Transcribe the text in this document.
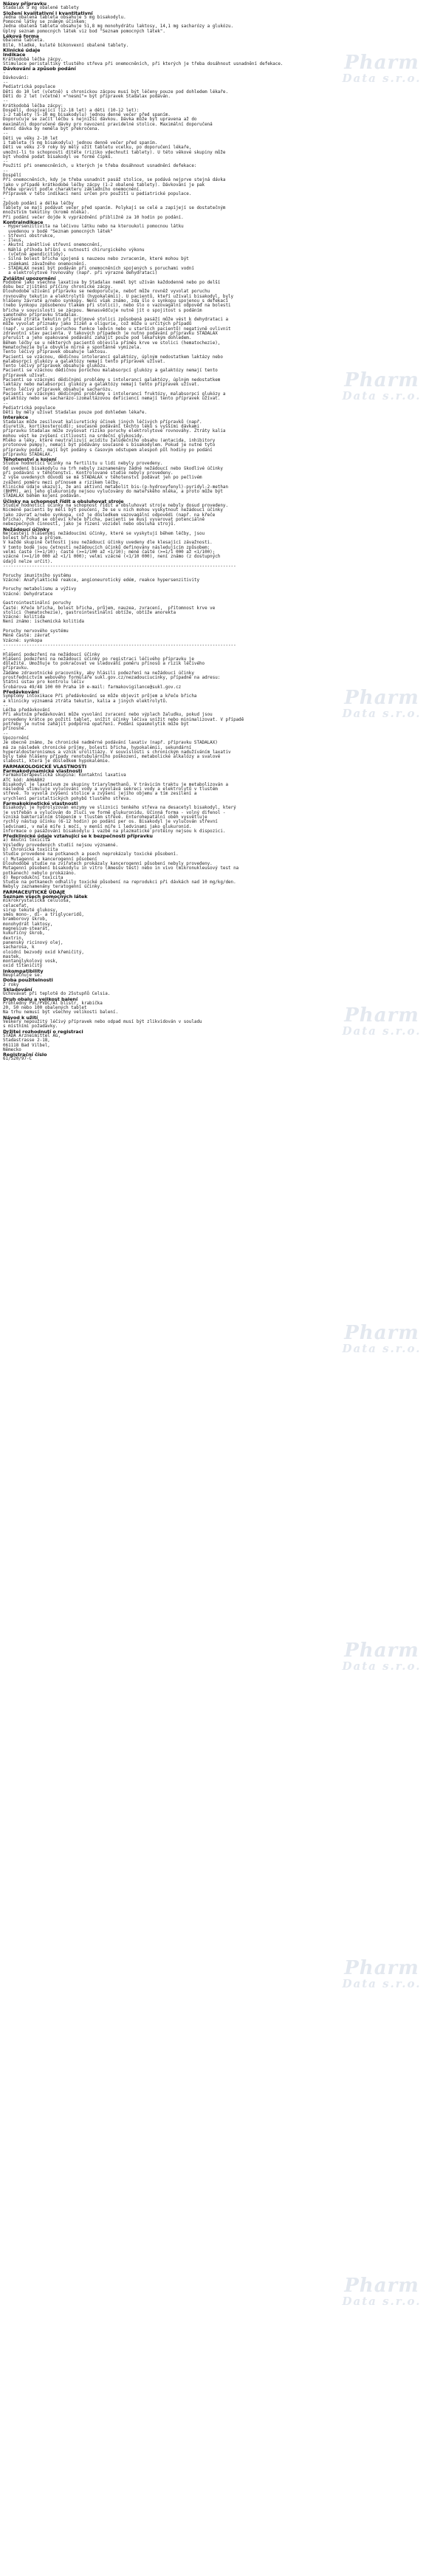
Pharm
Data s.r.o.
Pharm
Data s.r.o.
Pharm
Data s.r.o.
Pharm
Data s.r.o.
Pharm
Data s.r.o.
Pharm
Data s.r.o.
Pharm
Data s.r.o.
Pharm
Data s.r.o.
Název přípravku
Stadalax 5 mg obalené tablety
Složení kvalitativní i kvantitativní
Jedna obalená tableta obsahuje 5 mg bisakodylu.
Pomocné látky se známým účinkem:
Jedna obalená tableta obsahuje 51,8 mg monohydrátu laktosy, 14,1 mg sacharózy a glukózu.
Úplný seznam pomocných látek viz bod "Seznam pomocných látek".
Léková forma
Obalená tableta.
Bílé, hladké, kulaté bikonvexní obalené tablety.
Klinické údaje
Indikace
Krátkodobá léčba zácpy.
Stimulace peristaltiky tlustého střeva při onemocněních, při kterých je třeba dosáhnout usnadnění defekace.
Dávkování a způsob podání
-
Dávkování:
--
Pediatrická populace
Děti do 10 let (včetně) s chronickou zácpou musí být léčeny pouze pod dohledem lékaře.
Děti do 2 let (včetně) ="nesmí"= být přípravek Stadalax podáván.
--
Krátkodobá léčba zácpy:
Dospělí, dospívající (12-18 let) a děti (10-12 let):
1-2 tablety (5-10 mg bisakodylu) jednou denně večer před spaním.
Doporučuje se začít léčbu s nejnižší dávkou. Dávka může být upravena až do
maximální doporučené dávky pro navození pravidelné stolice. Maximální doporučená
denní dávka by neměla být překročena.
--
Děti ve věku 2-10 let
1 tableta (5 mg bisakodylu) jednou denně večer před spaním.
Děti ve věku 2-9 roky by měly užít tabletu vcelku, po doporučení lékaře,
umožní-li to schopnosti dítěte (riziko vdechnutí tablety). U této věkové skupiny může
být vhodné podat bisakodyl ve formě čípků.
--
Použití při onemocněních, u kterých je třeba dosáhnout usnadnění defekace:
--
Dospělí
Při onemocněních, kdy je třeba usnadnit pasáž stolice, se podává nejprve stejná dávka
jako v případě krátkodobé léčby zácpy (1-2 obalené tablety). Dávkování je pak
třeba upravit podle charakteru základního onemocnění.
Přípravek v této indikaci není určen pro použití u pediatrické populace.
-
Způsob podání a délka léčby
Tablety se mají podávat večer před spaním. Polykají se celé a zapíjejí se dostatečným
množstvím tekutiny (kromě mléka).
Při podání večer dojde k vyprázdnění přibližně za 10 hodin po podání.
Kontraindikace
- Hypersenzitivita na léčivou látku nebo na kteroukoli pomocnou látku
uvedenou v bodě "Seznam pomocných látek"
- Střevní obstrukce,
- Ileus,
- Akutní zánětlivé střevní onemocnění,
- Náhlá příhoda břišní s nutností chirurgického výkonu
(včetně apendicitidy),
- Silná bolest břicha spojená s nauzeou nebo zvracením, které mohou být
známkami závažného onemocnění.
- STADALAX nesmí být podáván při onemocněních spojených s poruchami vodní
a elektrolytové rovnováhy (např. při výrazné dehydrataci)
Zvláštní upozornění
Podobně jako všechna laxativa by Stadalax neměl být užíván každodenně nebo po delší
dobu bez zjištění příčiny chronické zácpy.
Dlouhodobé užívání přípravku se nedoporučuje, neboť může rovněž vyvolat poruchu
rovnováhy tekutin a elektrolytů (hypokalémii). U pacientů, kteří užívali bisakodyl, byly
hlášeny závratě a/nebo synkopy. Není však známo, zda šlo o synkopu spojenou s defekací
(nebo synkopu způsobenou tlakem při stolici), nebo šlo o vazovagální odpověď na bolesti
břicha v souvislosti se zácpou. Nenasvědčuje nutně jít o spojitost s podáním
samotného přípravku Stadalax.
Zvýšená ztráta tekutin při průjmové stolici způsobená pasáží může vést k dehydrataci a
může vyvolat příznaky jako žízeň a oligurie, což může u určitých případů
(např. u pacientů s poruchou funkce ledvin nebo u starších pacientů) negativně ovlivnit
zdravotní stav pacienta. V takových případech je nutno podávání přípravku STADALAX
přerušit a jeho opakované podávání zahájit pouze pod lékařským dohledem.
Během léčby se u některých pacientů objevila příměs krve ve stolici (hematochezie),
Hematochezie byla obvykle mírná a spontánně vymizela.
Tento léčivý přípravek obsahuje laktosu.
Pacienti se vzácnou, dědičnou intolerancí galaktózy, úplným nedostatkem laktázy nebo
malabsorpcí glukózy a galaktózy nemají tento přípravek užívat.
Tento léčivý přípravek obsahuje glukózu.
Pacienti se vzácnou dědičnou poruchou malabsorpcí glukózy a galaktózy nemají tento
přípravek užívat.
Pacienti se vzácnými dědičnými problémy s intolerancí galaktózy, úplným nedostatkem
laktázy nebo malabsorpcí glukózy a galaktózy nemají tento přípravek užívat.
Tento léčivý přípravek obsahuje sacharózu.
Pacienti se vzácnými dědičnými problémy s intolerancí fruktózy, malabsorpcí glukózy a
galaktózy nebo se sacharázo-izomaltázovou deficiencí nemají tento přípravek užívat.
--
Pediatrická populace
Děti by měly užívat Stadalax pouze pod dohledem lékaře.
Interakce
Stadalax může zesilovat kaliuretický účinek jiných léčivých přípravků (např.
diuretik, kortikosteroidů); současné podávání těchto léků s vyššími dávkami
přípravku Stadalax může zvyšovat riziko poruchy elektrolytové rovnováhy. Ztráty kalia
mohou vést ke zvýšení citlivosti na srdeční glykosidy.
Mléko a léky, které neutralizují aciditu žaludečního obsahu (antacida, inhibitory
protonové pumpy), nemají být podávány současně s bisakodylem. Pokud je nutné tyto
přípravky podat, mají být podány s časovým odstupem alespoň půl hodiny po podání
přípravku STADALAX.
Těhotenství a kojení
Studie hodnotící účinky na fertilitu u lidí nebyly provedeny.
Od uvedení bisakodylu na trh nebyly zaznamenány žádné nežádoucí nebo škodlivé účinky
při podávání v těhotenství. Kontrolované studie nebyly provedeny.
Z výše uvedených důvodů se má STADALAX v těhotenství podávat jen po pečlivém
zvážení poměru mezi přínosem a rizikem léčby.
Klinické údaje ukazují, že ani aktivní metabolit bis-(p-hydroxyfenyl)-pyridyl-2-methan
(BHPM), ani jeho glukuronidy nejsou vylučovány do mateřského mléka, a proto může být
STADALAX během kojení podáván.
Účinky na schopnost řídit a obsluhovat stroje
Studie hodnotící účinky na schopnost řídit a obsluhovat stroje nebyly dosud provedeny.
Nicméně pacienti by měli být poučeni, že se u nich mohou vyskytnout nežádoucí účinky
jako závrať a/nebo synkopa, což je důsledkem vazovagální odpovědi (např. na křeče
břicha). Pokud se objeví křeče břicha, pacienti se musí vyvarovat potenciálně
nebezpečných činností, jako je řízení vozidel nebo obsluha strojů.
Nežádoucí účinky
Nejčastěji hlášenými nežádoucími účinky, které se vyskytují během léčby, jsou
bolest břicha a průjem.
V každé skupině četností jsou nežádoucí účinky uvedeny dle klesající závažnosti.
V tomto bodě jsou četnosti nežádoucích účinků definovány následujícím způsobem:
velmi časté (>=1/10); časté (>=1/100 až <1/10); méně časté (>=1/1 000 až <1/100);
vzácné (>=1/10 000 až <1/1 000); velmi vzácné (<1/10 000), není známo (z dostupných
údajů nelze určit).
-----------------------------------------------------------------------------------------
Poruchy imunitního systému
Vzácné: Anafylaktické reakce, angioneurotický edém, reakce hypersenzitivity
Poruchy metabolismu a výživy
Vzácné: Dehydratace
Gastrointestinální poruchy
Časté: Křeče břicha, bolest břicha, průjem, nauzea, zvracení,  přítomnost krve ve
stolici (hematochezie), gastrointestinální obtíže, obtíže anorekta
Vzácné: kolitida
Není známo: ischemická kolitida
Poruchy nervového systému
Méně časté: závrať
Vzácné: synkopa
-----------------------------------------------------------------------------------------
-
Hlášení podezření na nežádoucí účinky
Hlášení podezření na nežádoucí účinky po registraci léčivého přípravku je
důležité. Umožňuje to pokračovat ve sledování poměru přínosů a rizik léčivého
přípravku.
Žádáme zdravotnické pracovníky, aby hlásili podezření na nežádoucí účinky
prostřednictvím webového formuláře sukl.gov.cz/nezadouciucinky, případně na adresu:
Státní ústav pro kontrolu léčiv
Šrobárova 49/48 100 00 Praha 10 e-mail: farmakovigilance@sukl.gov.cz
Předávkování
Symptomy intoxikace Při předávkování se může objevit průjem a křeče břicha
a klinicky významná ztráta tekutin, kalia a jiných elektrolytů.
--
Léčba předávkování
Při akutním předávkování může vyvolání zvracení nebo výplach žaludku, pokud jsou
provedeny krátce po požití tablet, snížit účinky léčiva snížit nebo minimalizovat. V případě
potřeby je nutné zahájit podpůrná opatření. Podání spasmolytik může být
přínosné.
--
Upozornění
Je obecně známo, že chronické nadměrné podávání laxativ (např. přípravku STADALAX)
má za následek chronické průjmy, bolesti břicha, hypokalémii, sekundární
hyperaldosteronismus a vznik urolitiázy. V souvislosti s chronickým nadužíváním laxativ
byly také hlášeny případy renotubulárního poškození, metabolické alkalózy a svalové
slabosti, která je důsledkem hypokalémie.
FARMAKOLOGICKÉ VLASTNOSTI
Farmakodynamické vlastnosti
Farmakoterapeutická skupina: Kontaktní laxativa
ATC kód: A06AB02
Bisakodyl je laxativum ze skupiny triarylmethanů. V trávicím traktu je metabolizován a
následně stimuluje vylučování vody a vyvolává sekreci vody a elektrolytů v tlustém
střevě. To vyvolá zvýšení stolice a zvýšení jejího objemu a tím zesílení a
urychlení peristaltických pohybů tlustého střeva.
Farmakokinetické vlastnosti
Bisakodyl je hydrolyzován enzymy ve sliznici tenkého střeva na desacetyl bisakodyl, který
je vstřebán a vylučován do žluči ve formě glukuronidu. Účinná forma - volný difenol -
vzniká bakteriálním štěpením v tlustém střevě. Enterohepatální oběh vysvětluje
rychlý nástup účinku (6-12 hodin) po podání per os. Bisakodyl je vylučován střevní
ledvinami, v malé míře i močí, v menší míře i ledvinami jako glukuronid.
Informace o pasážování bisakodylu i vazbě na plazmatické proteiny nejsou k dispozici.
Předklinické údaje vztahující se k bezpečnosti přípravku
a) Akutní toxicita
Výsledky provedených studií nejsou významné.
b) Chronická toxicita
Studie provedené na potkanech a psech neprokázaly toxické působení.
c) Mutagenní a kancerogenní působení
Dlouhodobé studie na zvířatech prokázaly kancerogenní působení nebyly provedeny.
Mutagenní působení bisakodylu in vitro (Amesův test) nebo in vivo (mikronukleusový test na
potkanech) nebylo prokázáno.
d) Reprodukční toxicita
Studie na potkanech odhalily toxické působení na reprodukci při dávkách nad 10 mg/kg/den.
Nebyly zaznamenány teratogenní účinky.
FARMACEUTICKÉ ÚDAJE
Seznam všech pomocných látek
mikrokrystalická celulosa,
celacefat,
sirup tekuté glukosy,
směs mono-, di- a triglyceridů,
bramborový škrob,
monohydrát laktosy,
magnesium-stearát,
kukuřičný škrob,
dextrin,
panenský ricinový olej,
sacharosa, k
oloidní bezvodý oxid křemičitý,
mastek,
montanglykolový vosk,
oxid titaničitý
Inkompatibility
Neuplatňuje se.
Doba použitelnosti
2 roky
Skladování
Uchovávat při teplotě do 25stupňů Celsia.
Druh obalu a velikost balení
Průhledný PVC/PVDC/Al blistr, krabička
20, 50 nebo 100 obalených tablet
Na trhu nemusí být všechny velikosti balení.
Návod k užití
Veškerý nepoužitý léčivý přípravek nebo odpad musí být zlikvidován v souladu
s místními požadavky.
Držitel rozhodnutí o registraci
STADA Arzneimittel AG,
Stadastrasse 2-18,
061118 Bad Vilbel,
Německo
Registrační číslo
61/520/97-C
